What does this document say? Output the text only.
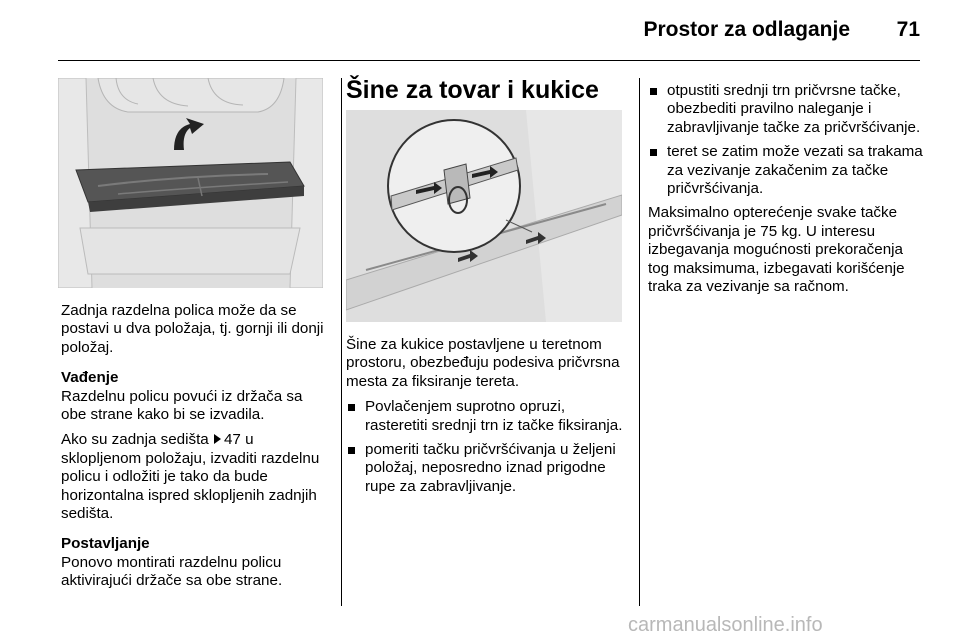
Prostor za odlaganje	71

Zadnja razdelna polica može da se postavi u dva položaja, tj. gornji ili donji položaj.

Vađenje

Razdelnu policu povući iz držača sa obe strane kako bi se izvadila.

Ako su zadnja sedišta 47 u sklopljenom položaju, izvaditi razdelnu policu i odložiti je tako da bude horizontalna ispred sklopljenih zadnjih sedišta.

Postavljanje

Ponovo montirati razdelnu policu aktivirajući držače sa obe strane.

Šine za tovar i kukice

Šine za kukice postavljene u teretnom prostoru, obezbeđuju podesiva pričvrsna mesta za fiksiranje tereta.

Povlačenjem suprotno opruzi, rasteretiti srednji trn iz tačke fiksiranja.
pomeriti tačku pričvršćivanja u željeni položaj, neposredno iznad prigodne rupe za zabravljivanje.
otpustiti srednji trn pričvrsne tačke, obezbediti pravilno naleganje i zabravljivanje tačke za pričvršćivanje.
teret se zatim može vezati sa trakama za vezivanje zakačenim za tačke pričvršćivanja.

Maksimalno opterećenje svake tačke pričvršćivanja je 75 kg. U interesu izbegavanja mogućnosti prekoračenja tog maksimuma, izbegavati korišćenje traka za vezivanje sa račnom.

carmanualsonline.info
